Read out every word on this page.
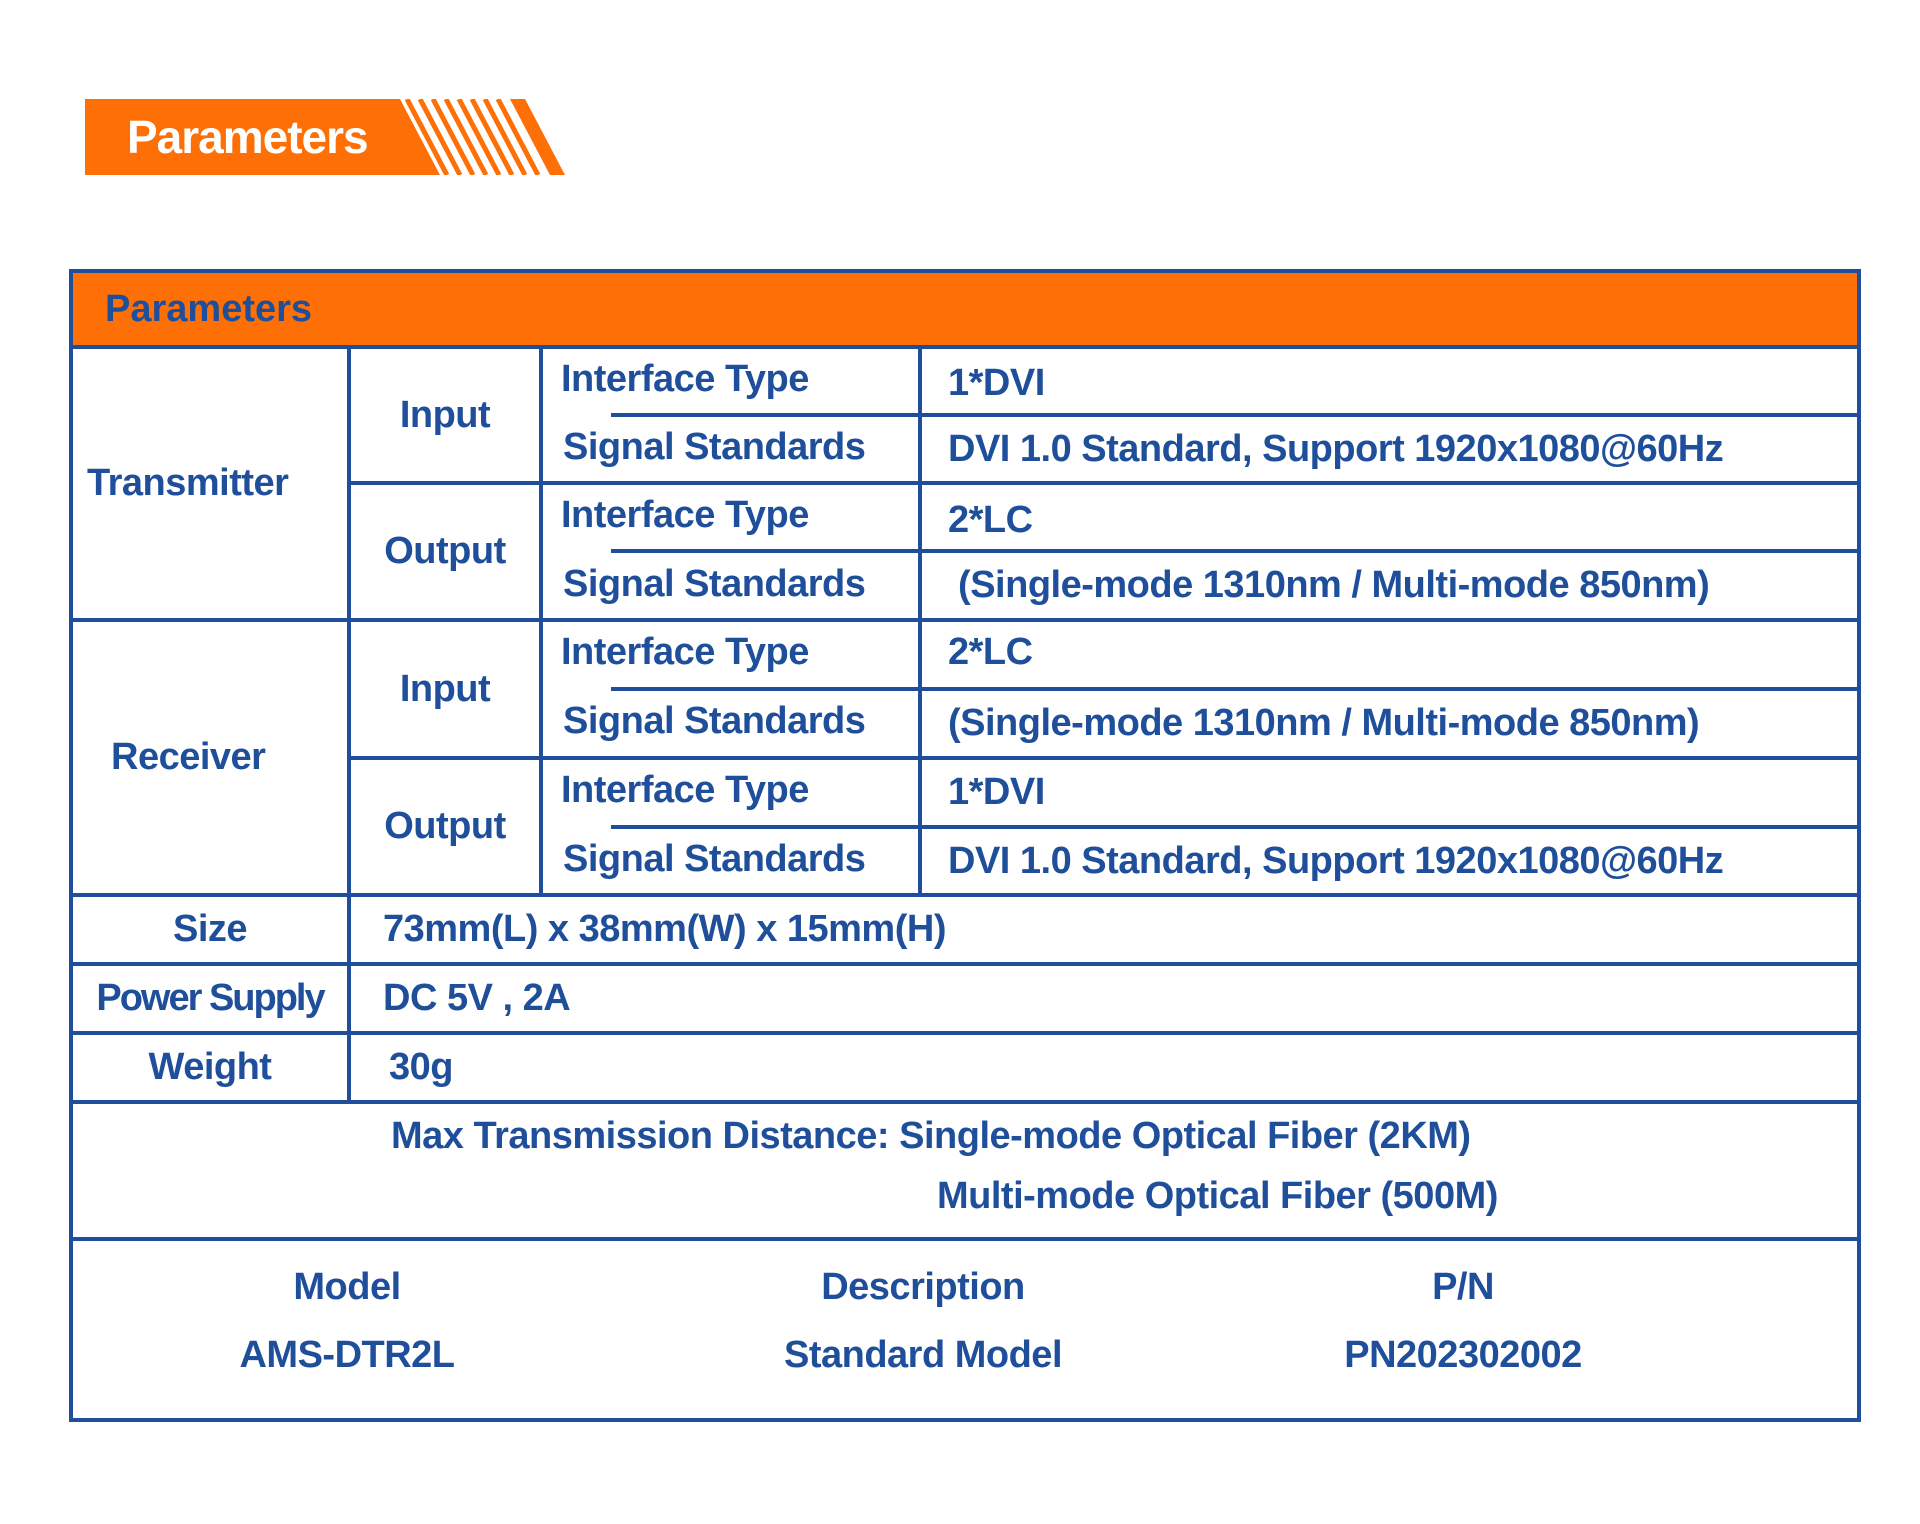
Parameters
Parameters
Transmitter
Input
Interface Type	1*DVI
Signal Standards	DVI 1.0 Standard, Support 1920x1080@60Hz
Output
Interface Type	2*LC
Signal Standards	(Single-mode 1310nm / Multi-mode 850nm)
Receiver
Input
Interface Type	2*LC
Signal Standards	(Single-mode 1310nm / Multi-mode 850nm)
Output
Interface Type	1*DVI
Signal Standards	DVI 1.0 Standard, Support 1920x1080@60Hz
Size	73mm(L) x 38mm(W) x 15mm(H)
Power Supply	DC 5V , 2A
Weight	30g
Max Transmission Distance: Single-mode Optical Fiber (2KM)
Multi-mode Optical Fiber (500M)
Model	Description	P/N
AMS-DTR2L	Standard Model	PN202302002
